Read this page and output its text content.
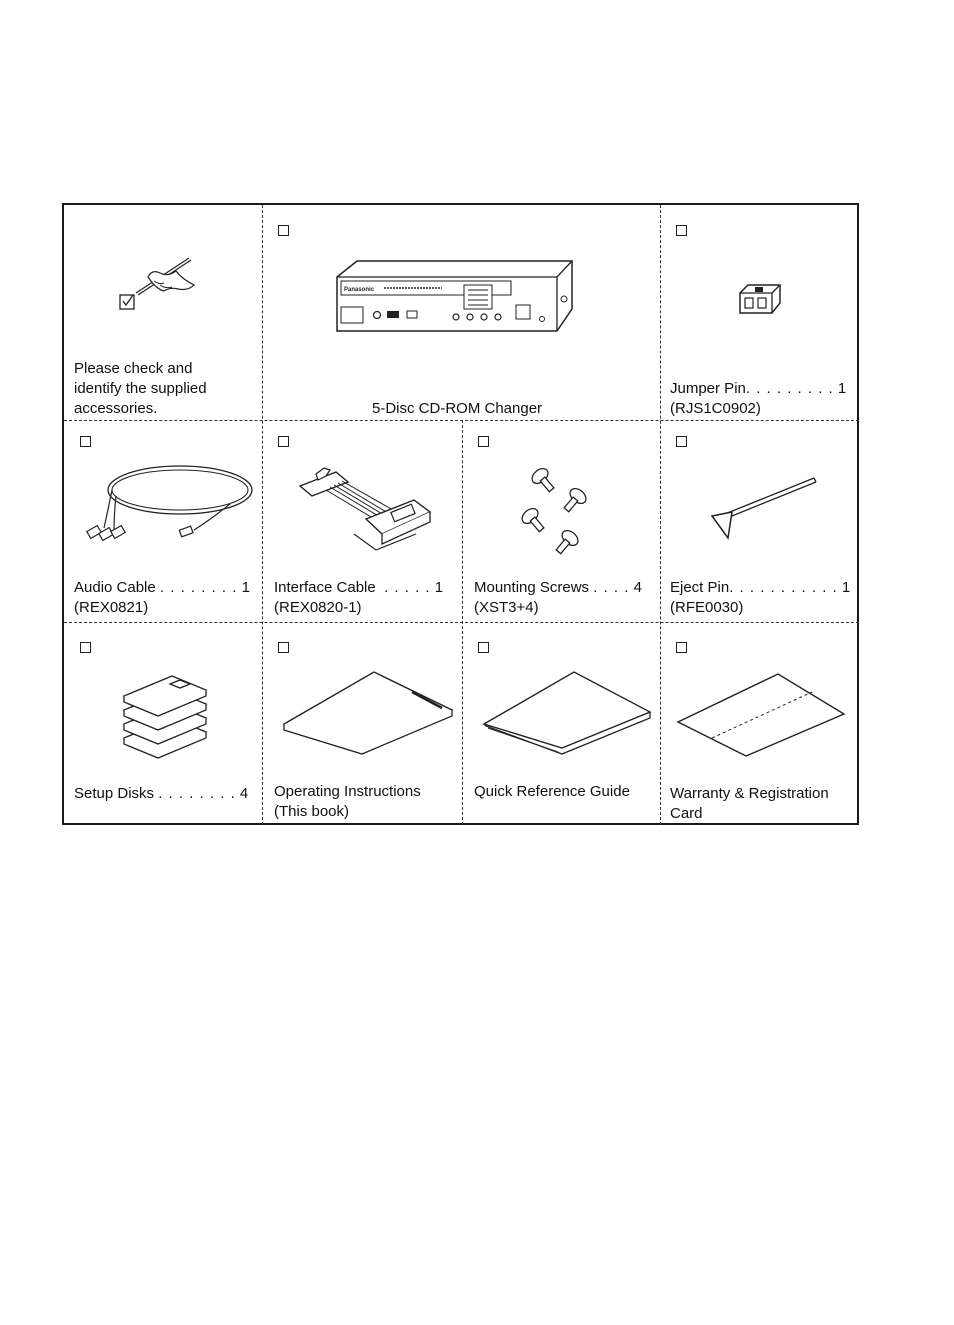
Please check and
identify the supplied
accessories.
Panasonic
5-Disc CD-ROM Changer
Jumper Pin. . . . . . . . . 1
(RJS1C0902)
Audio Cable . . . . . . . . 1
(REX0821)
Interface Cable . . . . . 1
(REX0820-1)
Mounting Screws . . . . 4
(XST3+4)
Eject Pin. . . . . . . . . . . 1
(RFE0030)
Setup Disks . . . . . . . . 4 Operating Instructions
(This book)
Quick Reference Guide	Warranty & Registration
Card
